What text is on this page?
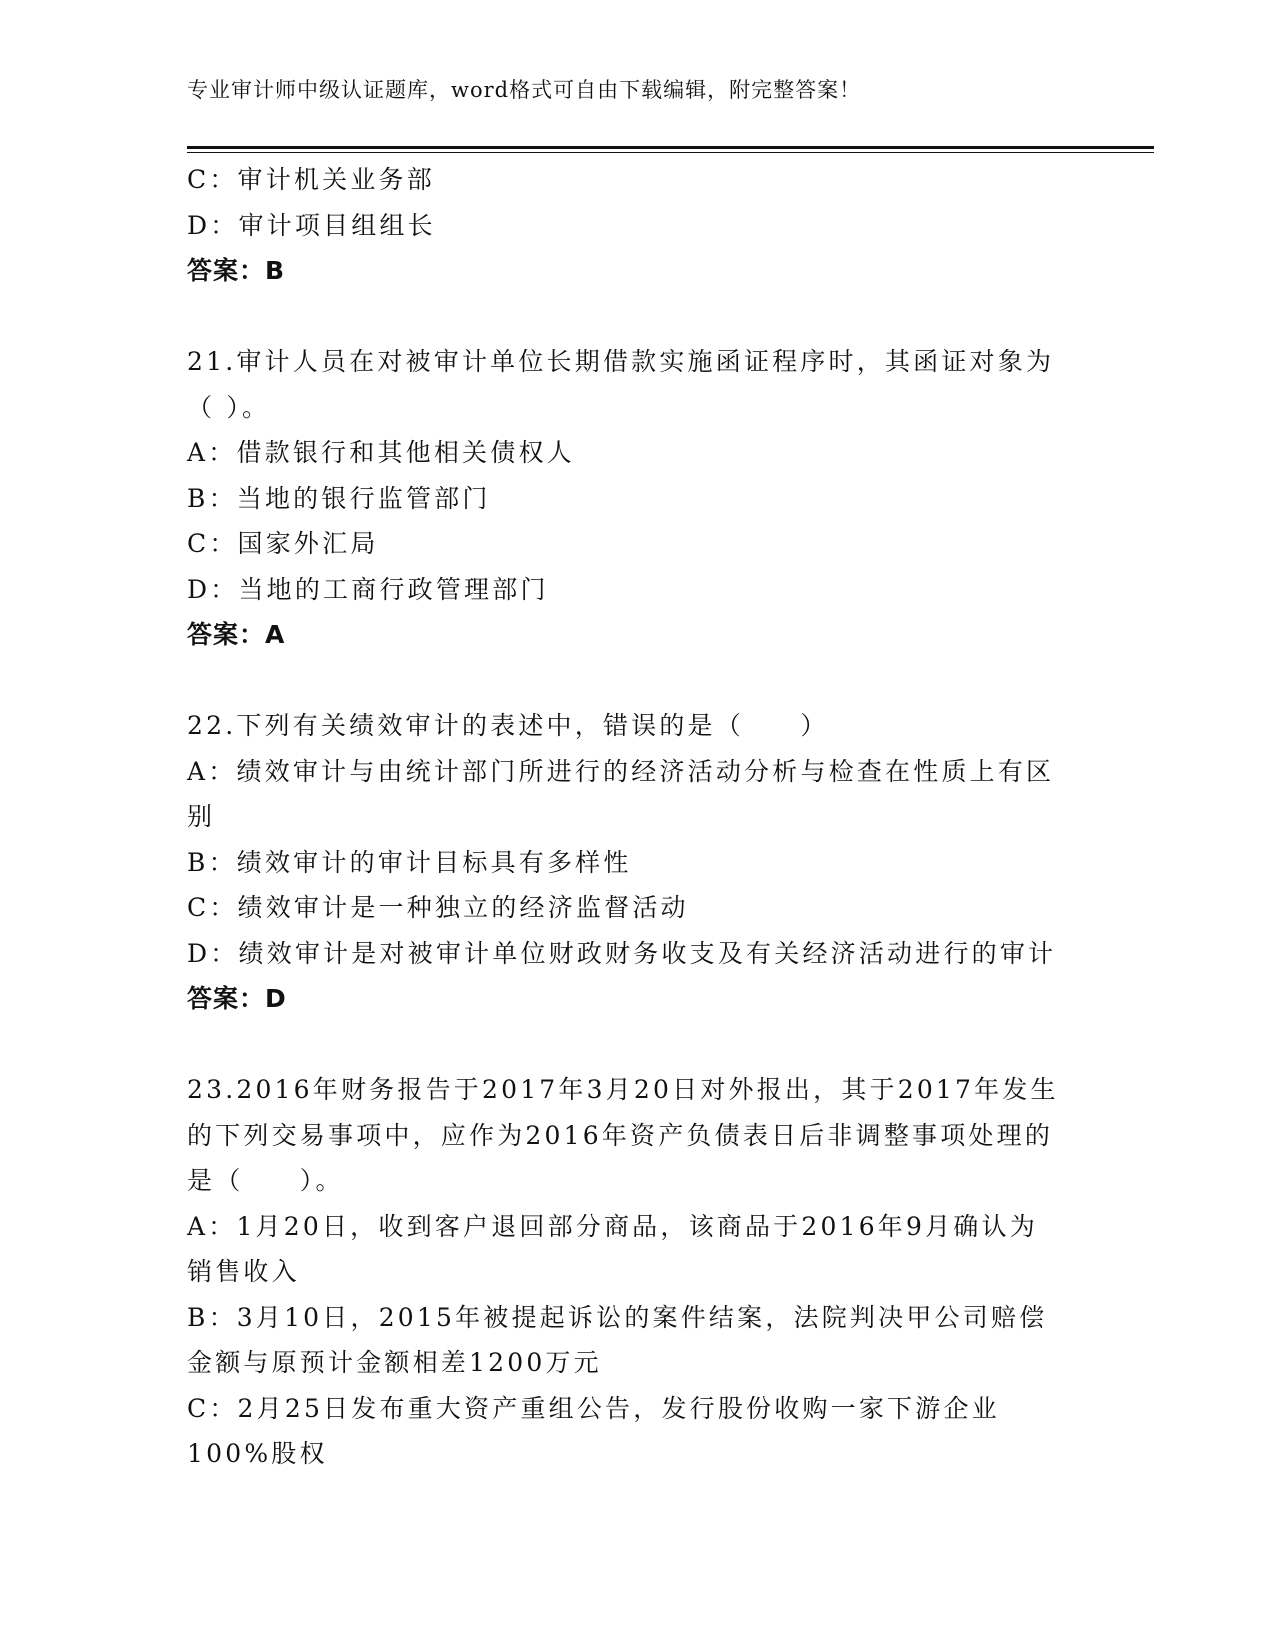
专业审计师中级认证题库，word格式可自由下载编辑，附完整答案！
C：审计机关业务部
D：审计项目组组长
答案：B
21.审计人员在对被审计单位长期借款实施函证程序时，其函证对象为
（ ）。
A：借款银行和其他相关债权人
B：当地的银行监管部门
C：国家外汇局
D：当地的工商行政管理部门
答案：A
22.下列有关绩效审计的表述中，错误的是（　　）
A：绩效审计与由统计部门所进行的经济活动分析与检查在性质上有区
别
B：绩效审计的审计目标具有多样性
C：绩效审计是一种独立的经济监督活动
D：绩效审计是对被审计单位财政财务收支及有关经济活动进行的审计
答案：D
23.2016年财务报告于2017年3月20日对外报出，其于2017年发生
的下列交易事项中，应作为2016年资产负债表日后非调整事项处理的
是（　　）。
A：1月20日，收到客户退回部分商品，该商品于2016年9月确认为
销售收入
B：3月10日，2015年被提起诉讼的案件结案，法院判决甲公司赔偿
金额与原预计金额相差1200万元
C：2月25日发布重大资产重组公告，发行股份收购一家下游企业
100%股权
